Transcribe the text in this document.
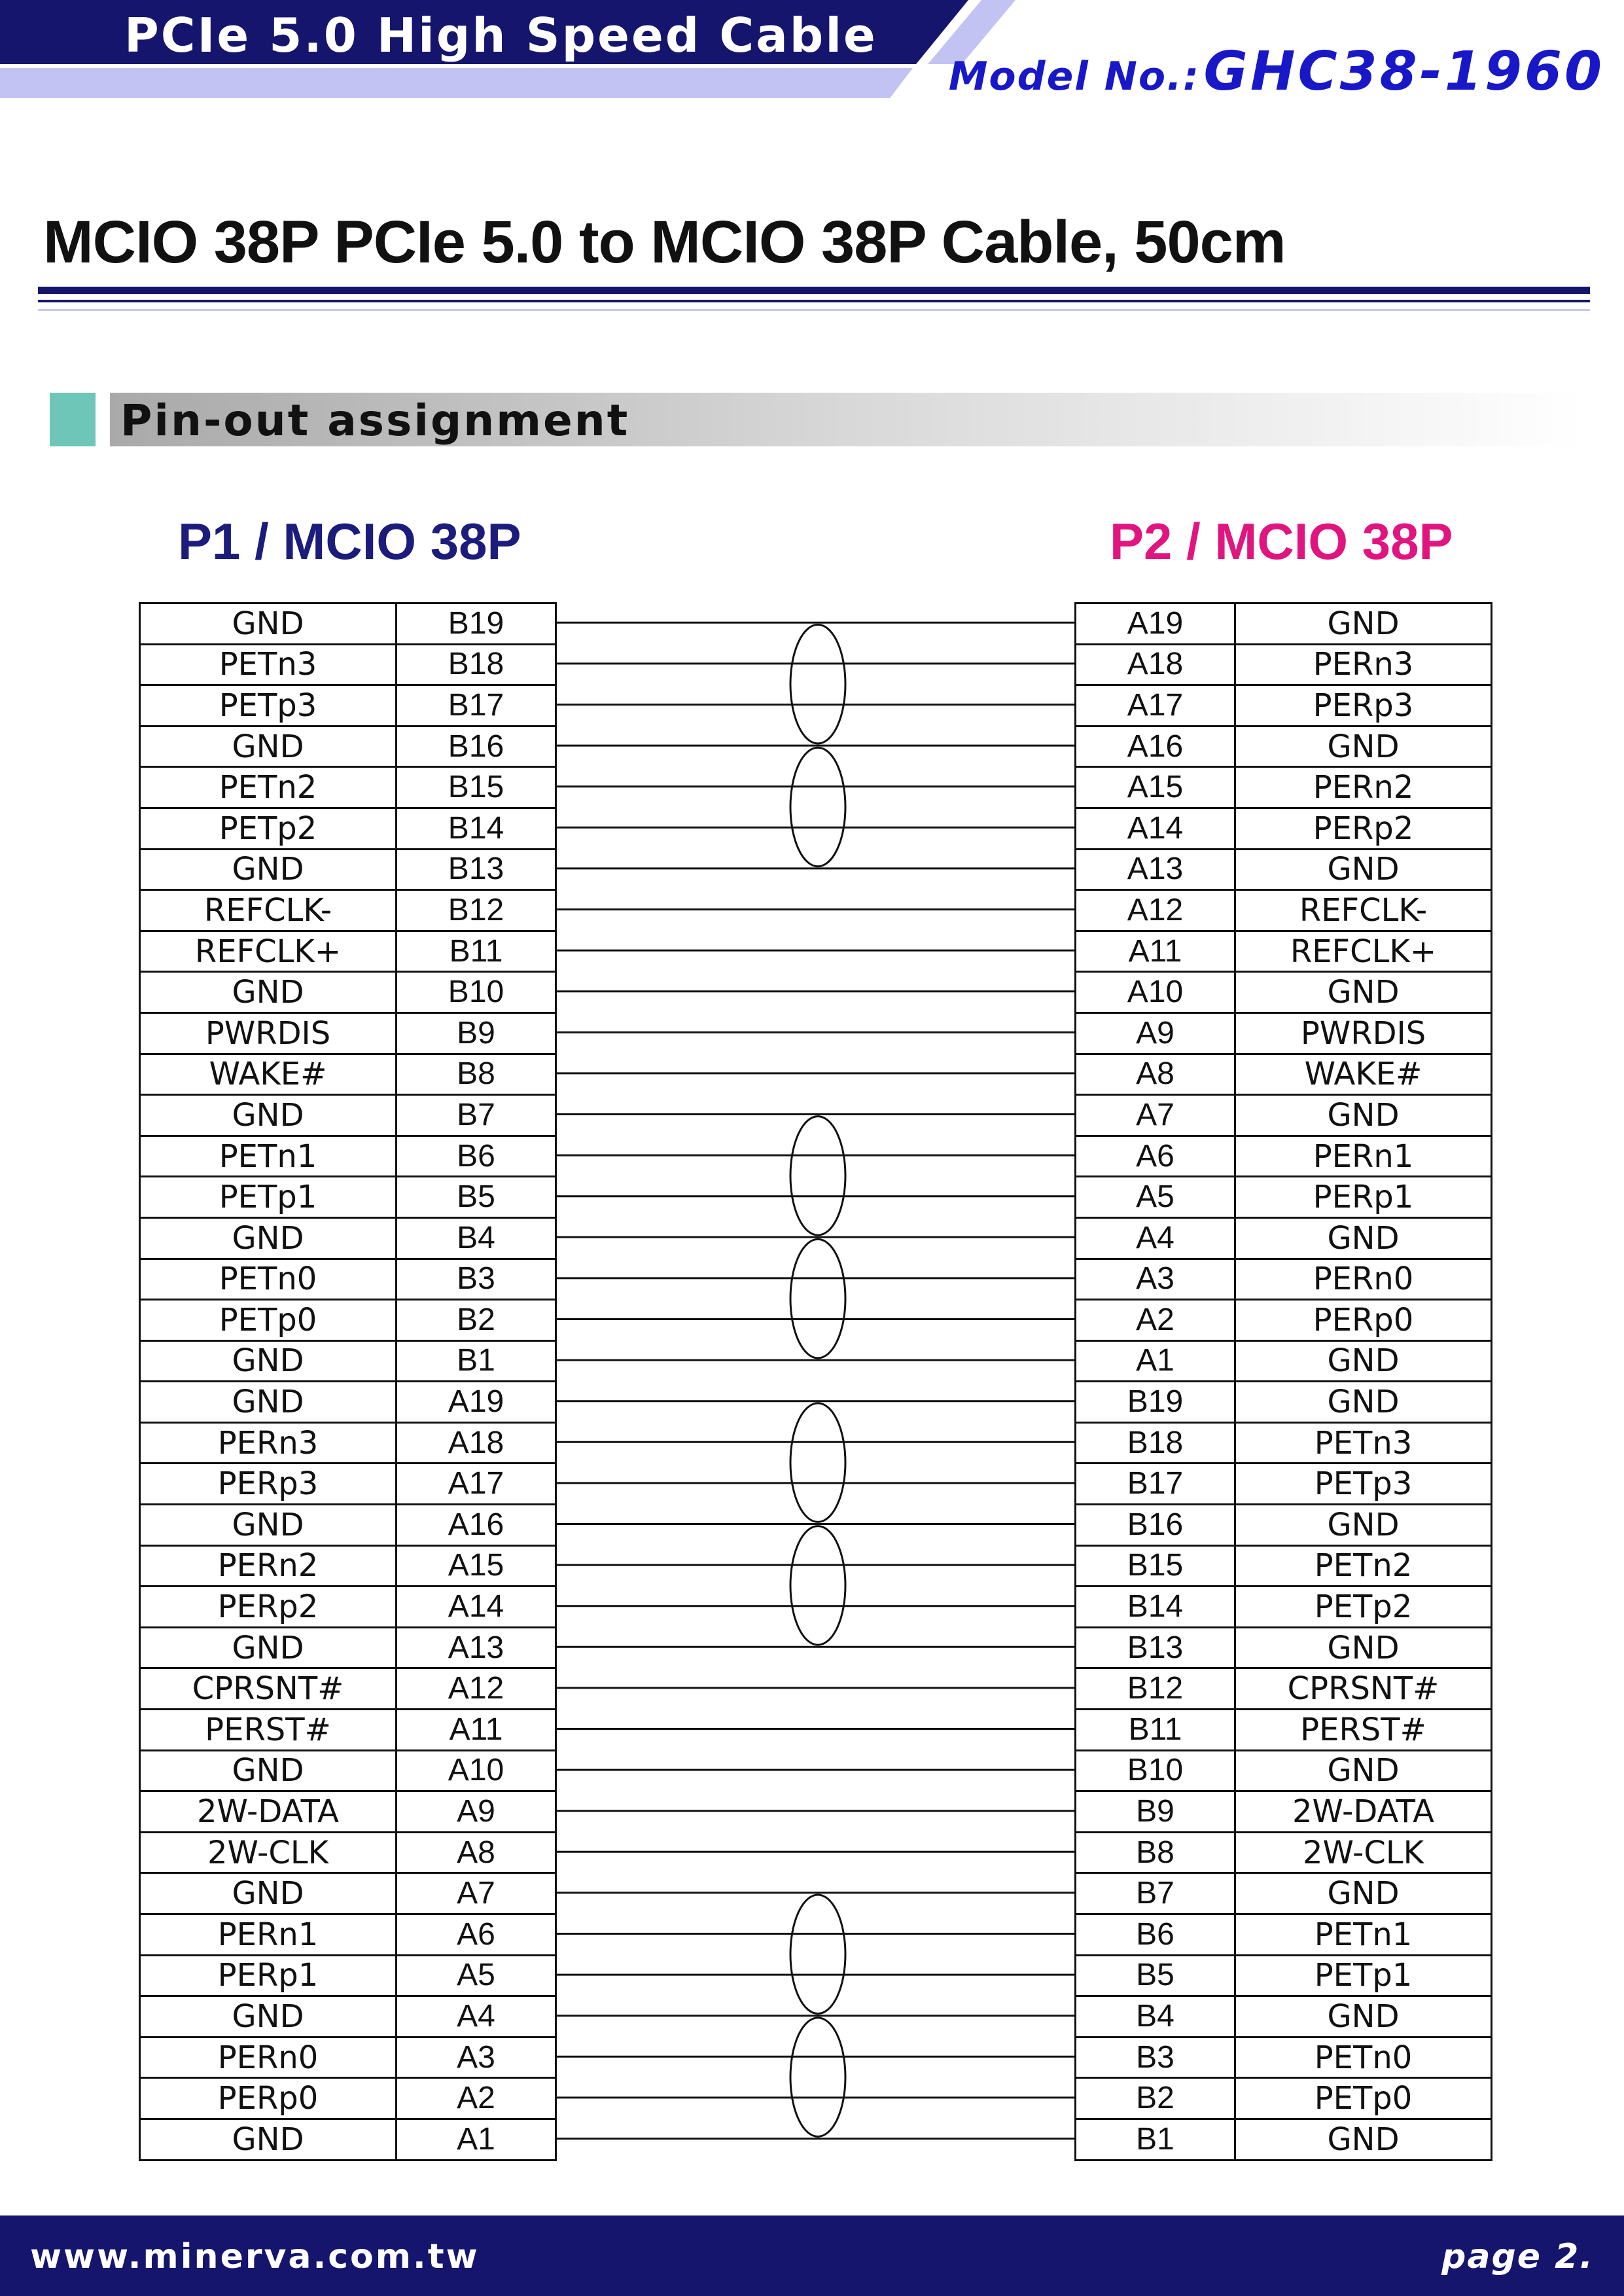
PCIe 5.0 High Speed Cable
Model No.: GHC38-1960
MCIO 38P PCIe 5.0 to MCIO 38P Cable, 50cm
Pin-out assignment
P1 / MCIO 38P	P2 / MCIO 38P
GND	B19
PETn3	B18
PETp3	B17
GND	B16
PETn2	B15
PETp2	B14
GND	B13
REFCLK-	B12
REFCLK+	B11
GND	B10
PWRDIS	B9
WAKE#	B8
GND	B7
PETn1	B6
PETp1	B5
GND	B4
PETn0	B3
PETp0	B2
GND	B1
GND	A19
PERn3	A18
PERp3	A17
GND	A16
PERn2	A15
PERp2	A14
GND	A13
CPRSNT#	A12
PERST#	A11
GND	A10
2W-DATA	A9
2W-CLK	A8
GND	A7
PERn1	A6
PERp1	A5
GND	A4
PERn0	A3
PERp0	A2
GND	A1
A19	GND
A18	PERn3
A17	PERp3
A16	GND
A15	PERn2
A14	PERp2
A13	GND
A12	REFCLK-
A11	REFCLK+
A10	GND
A9	PWRDIS
A8	WAKE#
A7	GND
A6	PERn1
A5	PERp1
A4	GND
A3	PERn0
A2	PERp0
A1	GND
B19	GND
B18	PETn3
B17	PETp3
B16	GND
B15	PETn2
B14	PETp2
B13	GND
B12	CPRSNT#
B11	PERST#
B10	GND
B9	2W-DATA
B8	2W-CLK
B7	GND
B6	PETn1
B5	PETp1
B4	GND
B3	PETn0
B2	PETp0
B1	GND
www.minerva.com.tw	page 2.
